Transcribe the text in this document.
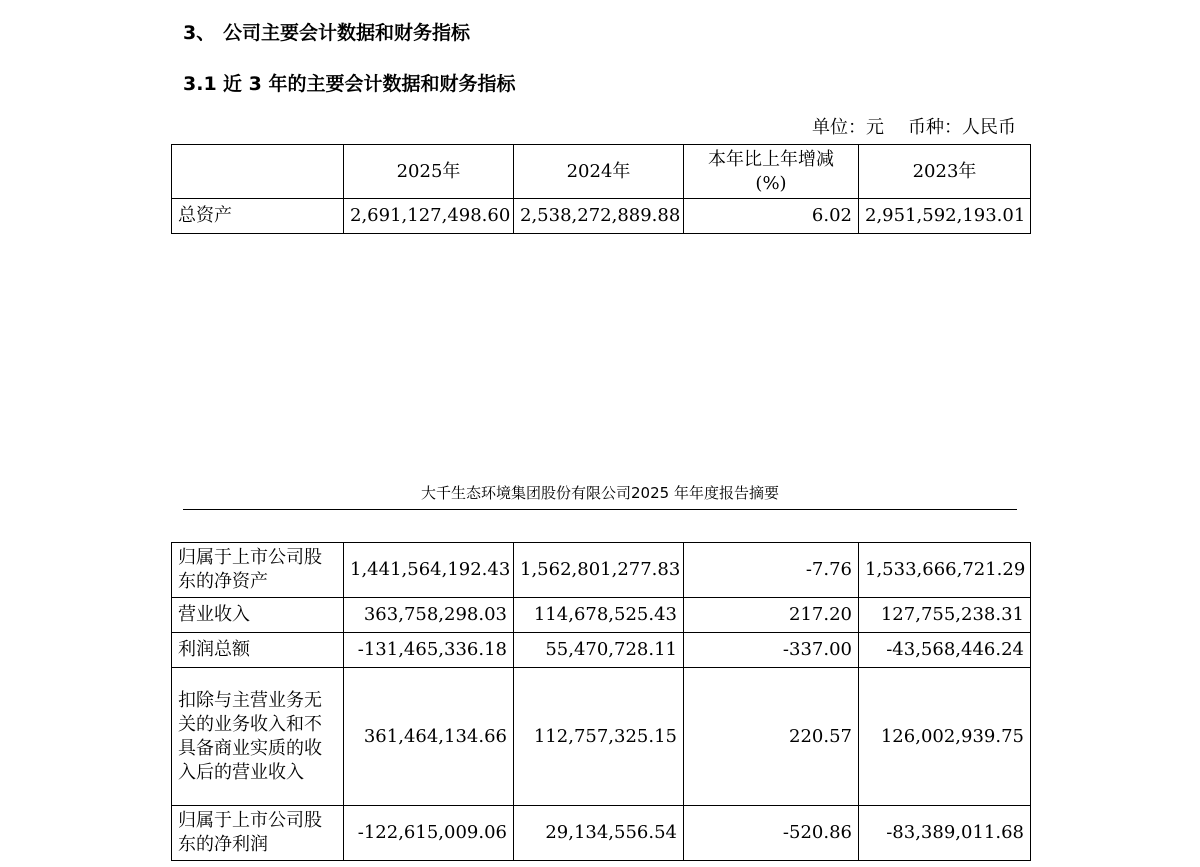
3、 公司主要会计数据和财务指标
3.1 近 3 年的主要会计数据和财务指标
单位：元 币种：人民币
	2025年	2024年	本年比上年增减(%)	2023年
总资产	2,691,127,498.60	2,538,272,889.88	6.02	2,951,592,193.01
大千生态环境集团股份有限公司2025 年年度报告摘要
归属于上市公司股东的净资产	1,441,564,192.43	1,562,801,277.83	-7.76	1,533,666,721.29
营业收入	363,758,298.03	114,678,525.43	217.20	127,755,238.31
利润总额	-131,465,336.18	55,470,728.11	-337.00	-43,568,446.24
扣除与主营业务无关的业务收入和不具备商业实质的收入后的营业收入	361,464,134.66	112,757,325.15	220.57	126,002,939.75
归属于上市公司股东的净利润	-122,615,009.06	29,134,556.54	-520.86	-83,389,011.68
